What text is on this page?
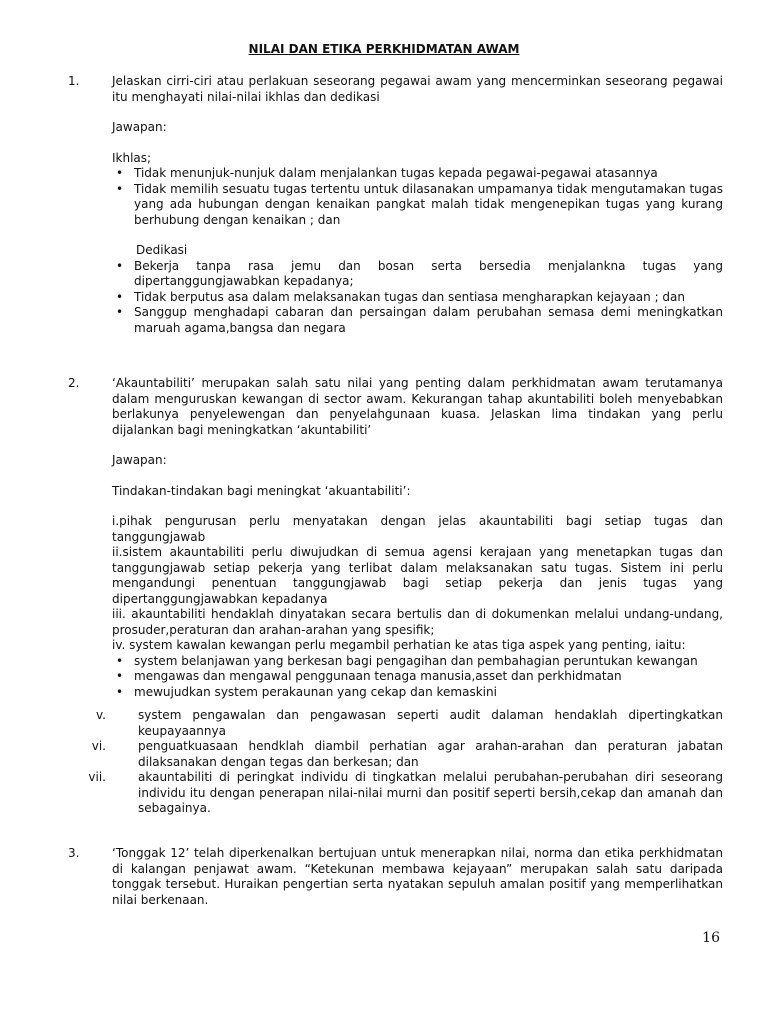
NILAI DAN ETIKA PERKHIDMATAN AWAM
1.	Jelaskan cirri-ciri atau perlakuan seseorang pegawai awam yang mencerminkan seseorang pegawai itu menghayati nilai-nilai ikhlas dan dedikasi
Jawapan:
Ikhlas;
• Tidak menunjuk-nunjuk dalam menjalankan tugas kepada pegawai-pegawai atasannya
• Tidak memilih sesuatu tugas tertentu untuk dilasanakan umpamanya tidak mengutamakan tugas yang ada hubungan dengan kenaikan pangkat malah tidak mengenepikan tugas yang kurang berhubung dengan kenaikan ; dan
Dedikasi
• Bekerja tanpa rasa jemu dan bosan serta bersedia menjalankna tugas yang dipertanggungjawabkan kepadanya;
• Tidak berputus asa dalam melaksanakan tugas dan sentiasa mengharapkan kejayaan ; dan
• Sanggup menghadapi cabaran dan persaingan dalam perubahan semasa demi meningkatkan maruah agama,bangsa dan negara
2.	‘Akauntabiliti’ merupakan salah satu nilai yang penting dalam perkhidmatan awam terutamanya dalam menguruskan kewangan di sector awam. Kekurangan tahap akuntabiliti boleh menyebabkan berlakunya penyelewengan dan penyelahgunaan kuasa. Jelaskan lima tindakan yang perlu dijalankan bagi meningkatkan ‘akuntabiliti’
Jawapan:
Tindakan-tindakan bagi meningkat ‘akuantabiliti’:
i.pihak pengurusan perlu menyatakan dengan jelas akauntabiliti bagi setiap tugas dan tanggungjawab
ii.sistem akauntabiliti perlu diwujudkan di semua agensi kerajaan yang menetapkan tugas dan tanggungjawab setiap pekerja yang terlibat dalam melaksanakan satu tugas. Sistem ini perlu mengandungi penentuan tanggungjawab bagi setiap pekerja dan jenis tugas yang dipertanggungjawabkan kepadanya
iii. akauntabiliti hendaklah dinyatakan secara bertulis dan di dokumenkan melalui undang-undang, prosuder,peraturan dan arahan-arahan yang spesifik;
iv. system kawalan kewangan perlu megambil perhatian ke atas tiga aspek yang penting, iaitu:
• system belanjawan yang berkesan bagi pengagihan dan pembahagian peruntukan kewangan
• mengawas dan mengawal penggunaan tenaga manusia,asset dan perkhidmatan
• mewujudkan system perakaunan yang cekap dan kemaskini
v.	system pengawalan dan pengawasan seperti audit dalaman hendaklah dipertingkatkan keupayaannya
vi.	penguatkuasaan hendklah diambil perhatian agar arahan-arahan dan peraturan jabatan dilaksanakan dengan tegas dan berkesan; dan
vii.	akauntabiliti di peringkat individu di tingkatkan melalui perubahan-perubahan diri seseorang individu itu dengan penerapan nilai-nilai murni dan positif seperti bersih,cekap dan amanah dan sebagainya.
3.	‘Tonggak 12’ telah diperkenalkan bertujuan untuk menerapkan nilai, norma dan etika perkhidmatan di kalangan penjawat awam. “Ketekunan membawa kejayaan” merupakan salah satu daripada tonggak tersebut. Huraikan pengertian serta nyatakan sepuluh amalan positif yang memperlihatkan nilai berkenaan.
16
